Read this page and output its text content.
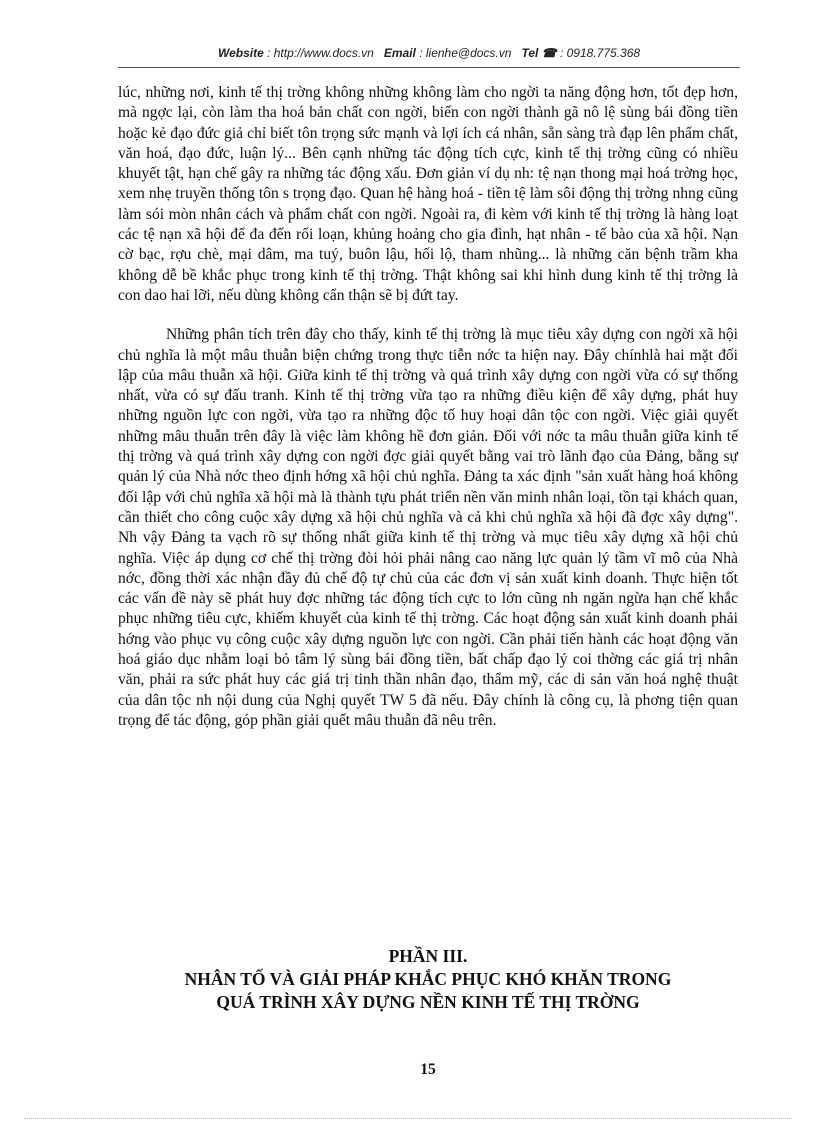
Website : http://www.docs.vn Email : lienhe@docs.vn Tel ☎ : 0918.775.368

lúc, những nơi, kinh tế thị trờng không những không làm cho ngời ta năng động hơn, tốt đẹp hơn, mà ngợc lại, còn làm tha hoá bản chất con ngời, biến con ngời thành gã nô lệ sùng bái đồng tiền hoặc kẻ đạo đức giả chỉ biết tôn trọng sức mạnh và lợi ích cá nhân, sẵn sàng trà đạp lên phẩm chất, văn hoá, đạo đức, luận lý... Bên cạnh những tác động tích cực, kinh tế thị trờng cũng có nhiều khuyết tật, hạn chế gây ra những tác động xấu. Đơn giản ví dụ nh: tệ nạn thong mại hoá trờng học, xem nhẹ truyền thống tôn s trọng đạo. Quan hệ hàng hoá - tiền tệ làm sôi động thị trờng nhng cũng làm sói mòn nhân cách và phẩm chất con ngời. Ngoài ra, đi kèm với kinh tế thị trờng là hàng loạt các tệ nạn xã hội để đa đến rối loạn, khủng hoảng cho gia đình, hạt nhân - tế bào của xã hội. Nạn cờ bạc, rợu chè, mại dâm, ma tuý, buôn lậu, hối lộ, tham nhũng... là những căn bệnh trầm kha không dễ bề khắc phục trong kinh tế thị trờng. Thật không sai khi hình dung kinh tế thị trờng là con dao hai lỡi, nếu dùng không cẩn thận sẽ bị đứt tay.

Những phân tích trên đây cho thấy, kinh tế thị trờng là mục tiêu xây dựng con ngời xã hội chủ nghĩa là một mâu thuẫn biện chứng trong thực tiễn nớc ta hiện nay. Đây chínhlà hai mặt đối lập của mâu thuẫn xã hội. Giữa kinh tế thị trờng và quá trình xây dựng con ngời vừa có sự thống nhất, vừa có sự đấu tranh. Kinh tế thị trờng vừa tạo ra những điều kiện để xây dựng, phát huy những nguồn lực con ngời, vừa tạo ra những độc tố huy hoại dân tộc con ngời. Việc giải quyết những mâu thuẫn trên đây là việc làm không hề đơn giản. Đối với nớc ta mâu thuẫn giữa kinh tế thị trờng và quá trình xây dựng con ngời đợc giải quyết bằng vai trò lãnh đạo của Đảng, bằng sự quản lý của Nhà nớc theo định hớng xã hội chủ nghĩa. Đảng ta xác định "sản xuất hàng hoá không đối lập với chủ nghĩa xã hội mà là thành tựu phát triển nền văn minh nhân loại, tồn tại khách quan, cần thiết cho công cuộc xây dựng xã hội chủ nghĩa và cả khi chủ nghĩa xã hội đã đợc xây dựng". Nh vậy Đảng ta vạch rõ sự thống nhất giữa kinh tế thị trờng và mục tiêu xây dựng xã hội chủ nghĩa. Việc áp dụng cơ chế thị trờng đòi hỏi phải nâng cao năng lực quản lý tầm vĩ mô của Nhà nớc, đồng thời xác nhận đầy đủ chế độ tự chủ của các đơn vị sản xuất kinh doanh. Thực hiện tốt các vấn đề này sẽ phát huy đợc những tác động tích cực to lớn cũng nh ngăn ngừa hạn chế khắc phục những tiêu cực, khiếm khuyết của kinh tế thị trờng. Các hoạt động sản xuất kinh doanh phải hớng vào phục vụ công cuộc xây dựng nguồn lực con ngời. Cần phải tiến hành các hoạt động văn hoá giáo dục nhằm loại bỏ tâm lý sùng bái đồng tiền, bất chấp đạo lý coi thờng các giá trị nhân văn, phải ra sức phát huy các giá trị tinh thần nhân đạo, thẩm mỹ, các di sản văn hoá nghệ thuật của dân tộc nh nội dung của Nghị quyết TW 5 đã nếu. Đây chính là công cụ, là phơng tiện quan trọng để tác động, góp phần giải quết mâu thuẫn đã nêu trên.

PHẦN III.
NHÂN TỐ VÀ GIẢI PHÁP KHẮC PHỤC KHÓ KHĂN TRONG
QUÁ TRÌNH XÂY DỰNG NỀN KINH TẾ THỊ TRỜNG
15
